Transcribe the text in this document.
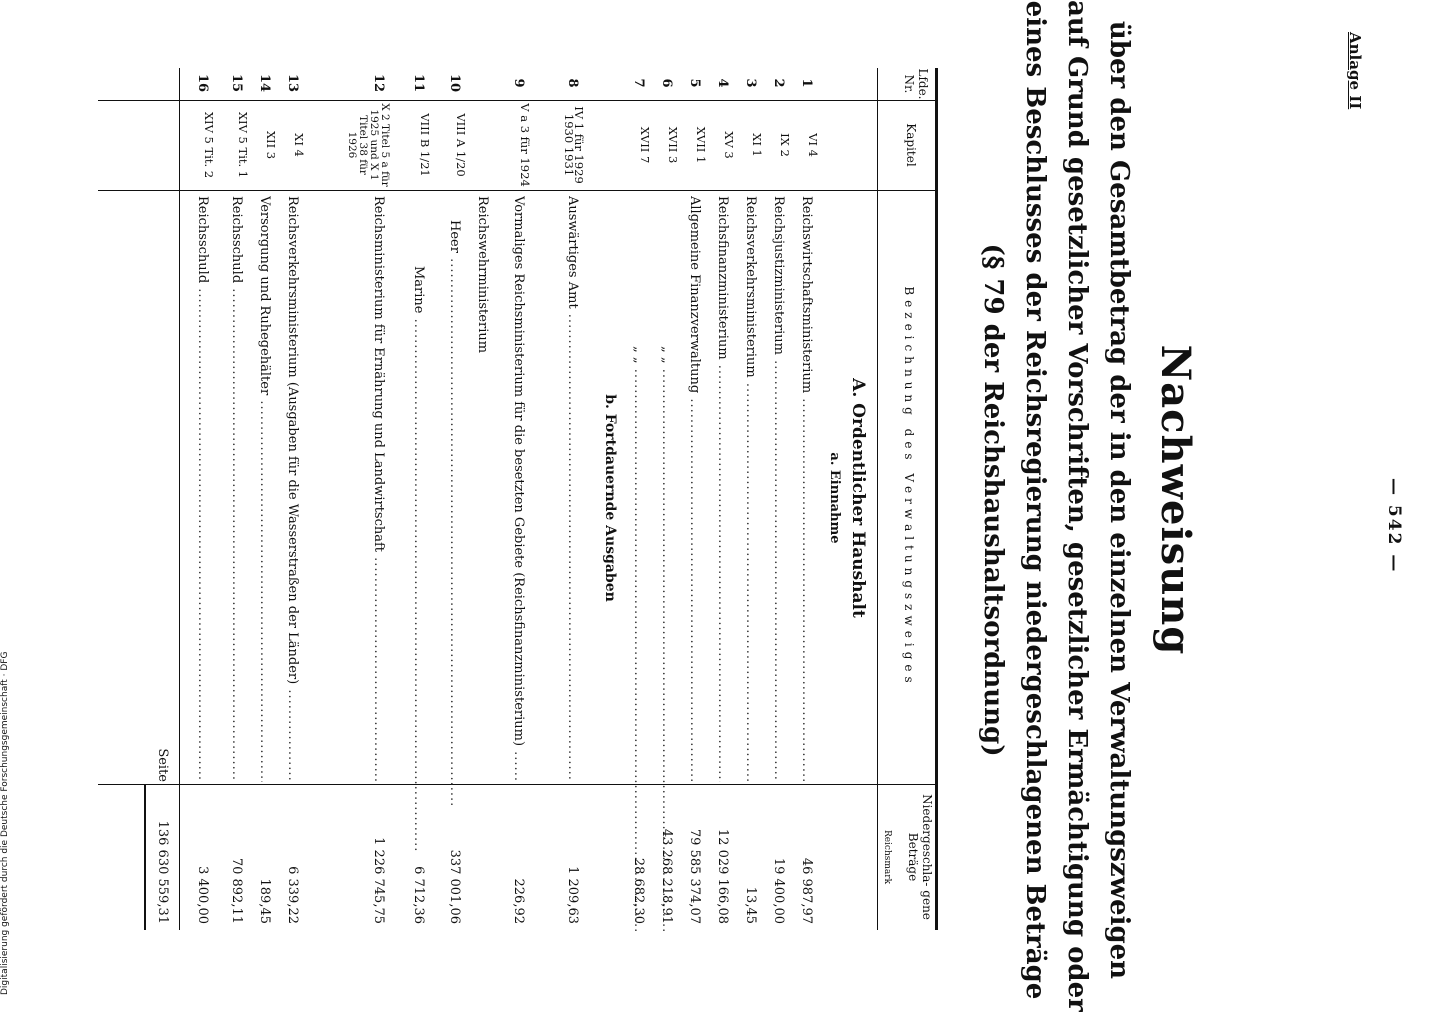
Anlage II
— 542 —
Nachweisung
über den Gesamtbetrag der in den einzelnen Verwaltungszweigen
auf Grund gesetzlicher Vorschriften, gesetzlicher Ermächtigung oder
eines Beschlusses der Reichsregierung niedergeschlagenen Beträge
(§ 79 der Reichshaushaltsordnung)
Lfde. Nr.
Kapitel
Bezeichnung des Verwaltungszweiges
Niedergeschla- gene Beträge
Reichsmark
A. Ordentlicher Haushalt
a. Einnahme
1
VI 4
Reichswirtschaftsministerium .....
46 987,97
2
IX 2
Reichsjustizministerium .....
19 400,00
3
XI 1
Reichsverkehrsministerium .....
13,45
4
XV 3
Reichsfinanzministerium .....
12 029 166,08
5
XVII 1
Allgemeine Finanzverwaltung .....
79 585 374,07
6
XVII 3
„ „ .....
43 268 218,91
7
XVII 7
„ „ .....
28 682,30
b. Fortdauernde Ausgaben
8
IV 1 für 1929 1930 1931
Auswärtiges Amt .....
1 209,63
9
V a 3 für 1924
Vormaliges Reichsministerium für die besetzten Gebiete (Reichsfinanzministerium) .....
226,92
Reichswehrministerium
10
VIII A 1/20
Heer .....
337 001,06
11
VIII B 1/21
Marine .....
6 712,36
12
X 2 Titel 5 a für 1925 und X 1 Titel 38 für 1926
Reichsministerium für Ernährung und Landwirtschaft .....
1 226 745,75
13
XI 4
Reichsverkehrsministerium (Ausgaben für die Wasserstraßen der Länder) .....
6 339,22
14
XII 3
Versorgung und Ruhegehälter .....
189,45
15
XIV 5 Tit. 1
Reichsschuld .....
70 892,11
16
XIV 5 Tit. 2
Reichsschuld .....
3 400,00
Seite
136 630 559,31
Digitalisierung gefördert durch die Deutsche Forschungsgemeinschaft · DFG
